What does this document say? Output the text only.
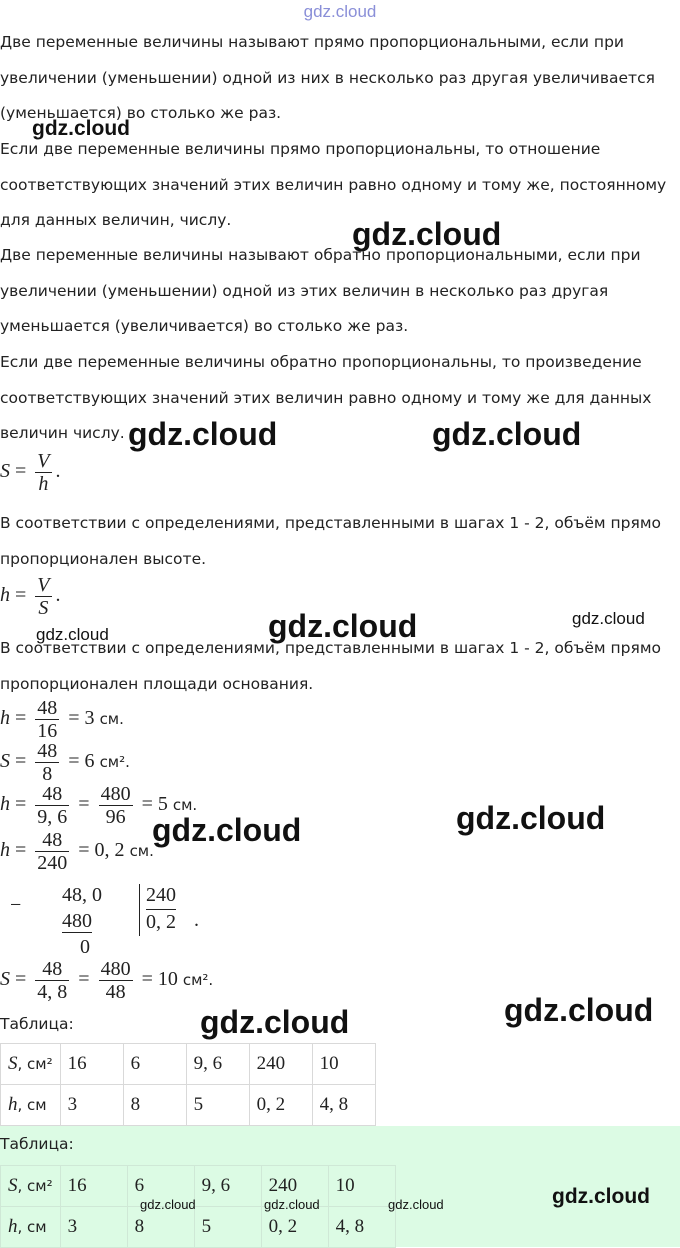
gdz.cloud
Две переменные величины называют прямо пропорциональными, если при увеличении (уменьшении) одной из них в несколько раз другая увеличивается (уменьшается) во столько же раз.
Если две переменные величины прямо пропорциональны, то отношение соответствующих значений этих величин равно одному и тому же, постоянному для данных величин, числу.
Две переменные величины называют обратно пропорциональными, если при увеличении (уменьшении) одной из этих величин в несколько раз другая уменьшается (увеличивается) во столько же раз.
Если две переменные величины обратно пропорциональны, то произведение соответствующих значений этих величин равно одному и тому же для данных величин числу.
$S = \frac{V}{h}$ .
В соответствии с определениями, представленными в шагах 1 - 2, объём прямо пропорционален высоте.
$h = \frac{V}{S}$ .
В соответствии с определениями, представленными в шагах 1 - 2, объём прямо пропорционален площади основания.
$h = \frac{48}{16} = 3$ см.
$S = \frac{48}{8} = 6$ см².
$h = \frac{48}{9, 6} = \frac{480}{96} = 5$ см.
$h = \frac{48}{240} = 0$, 2 см.
− 48, 0
480
0
240
0, 2 .
$S = \frac{48}{4, 8} = \frac{480}{48} = 10$ см².
Таблица:
S, см²	16	6	9, 6	240	10
h, см	3	8	5	0, 2	4, 8
Таблица:
S, см²	16	6	9, 6	240	10
h, см	3	8	5	0, 2	4, 8
gdz.cloud
gdz.cloud
gdz.cloud	gdz.cloud
gdz.cloud
gdz.cloud	gdz.cloud
gdz.cloud	gdz.cloud
gdz.cloud	gdz.cloud
gdz.cloud
gdz.cloud	gdz.cloud	gdz.cloud
